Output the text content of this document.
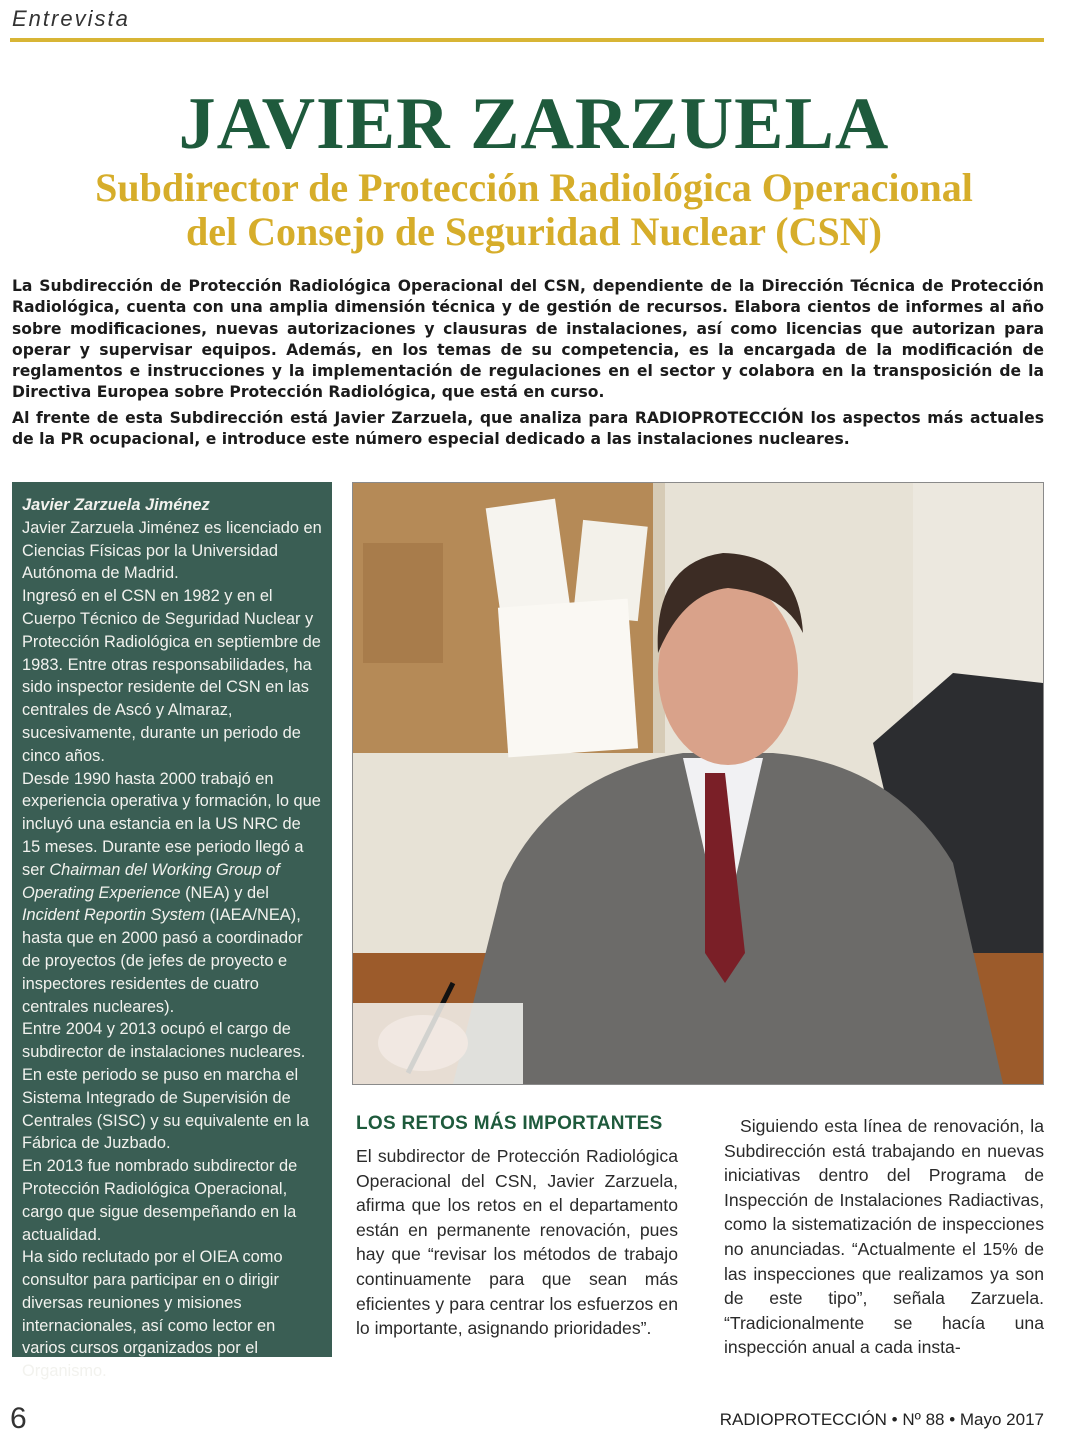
Entrevista
JAVIER ZARZUELA
Subdirector de Protección Radiológica Operacional
del Consejo de Seguridad Nuclear (CSN)

La Subdirección de Protección Radiológica Operacional del CSN, dependiente de la Dirección Técnica de Protección Radiológica, cuenta con una amplia dimensión técnica y de gestión de recursos. Elabora cientos de informes al año sobre modificaciones, nuevas autorizaciones y clausuras de instalaciones, así como licencias que autorizan para operar y supervisar equipos. Además, en los temas de su competencia, es la encargada de la modificación de reglamentos e instrucciones y la implementación de regulaciones en el sector y colabora en la transposición de la Directiva Europea sobre Protección Radiológica, que está en curso.

Al frente de esta Subdirección está Javier Zarzuela, que analiza para RADIOPROTECCIÓN los aspectos más actuales de la PR ocupacional, e introduce este número especial dedicado a las instalaciones nucleares.

Javier Zarzuela Jiménez

Javier Zarzuela Jiménez es licenciado en Ciencias Físicas por la Universidad Autónoma de Madrid.

Ingresó en el CSN en 1982 y en el Cuerpo Técnico de Seguridad Nuclear y Protección Radiológica en septiembre de 1983. Entre otras responsabilidades, ha sido inspector residente del CSN en las centrales de Ascó y Almaraz, sucesivamente, durante un periodo de cinco años.

Desde 1990 hasta 2000 trabajó en experiencia operativa y formación, lo que incluyó una estancia en la US NRC de 15 meses. Durante ese periodo llegó a ser Chairman del Working Group of Operating Experience (NEA) y del Incident Reportin System (IAEA/NEA), hasta que en 2000 pasó a coordinador de proyectos (de jefes de proyecto e inspectores residentes de cuatro centrales nucleares).

Entre 2004 y 2013 ocupó el cargo de subdirector de instalaciones nucleares. En este periodo se puso en marcha el Sistema Integrado de Supervisión de Centrales (SISC) y su equivalente en la Fábrica de Juzbado.

En 2013 fue nombrado subdirector de Protección Radiológica Operacional, cargo que sigue desempeñando en la actualidad.

Ha sido reclutado por el OIEA como consultor para participar en o dirigir diversas reuniones y misiones internacionales, así como lector en varios cursos organizados por el Organismo.

LOS RETOS MÁS IMPORTANTES

El subdirector de Protección Radiológica Operacional del CSN, Javier Zarzuela, afirma que los retos en el departamento están en permanente renovación, pues hay que “revisar los métodos de trabajo continuamente para que sean más eficientes y para centrar los esfuerzos en lo importante, asignando prioridades”.

Siguiendo esta línea de renovación, la Subdirección está trabajando en nuevas iniciativas dentro del Programa de Inspección de Instalaciones Radiactivas, como la sistematización de inspecciones no anunciadas. “Actualmente el 15% de las inspecciones que realizamos ya son de este tipo”, señala Zarzuela. “Tradicionalmente se hacía una inspección anual a cada insta-

6	RADIOPROTECCIÓN • Nº 88 • Mayo 2017
